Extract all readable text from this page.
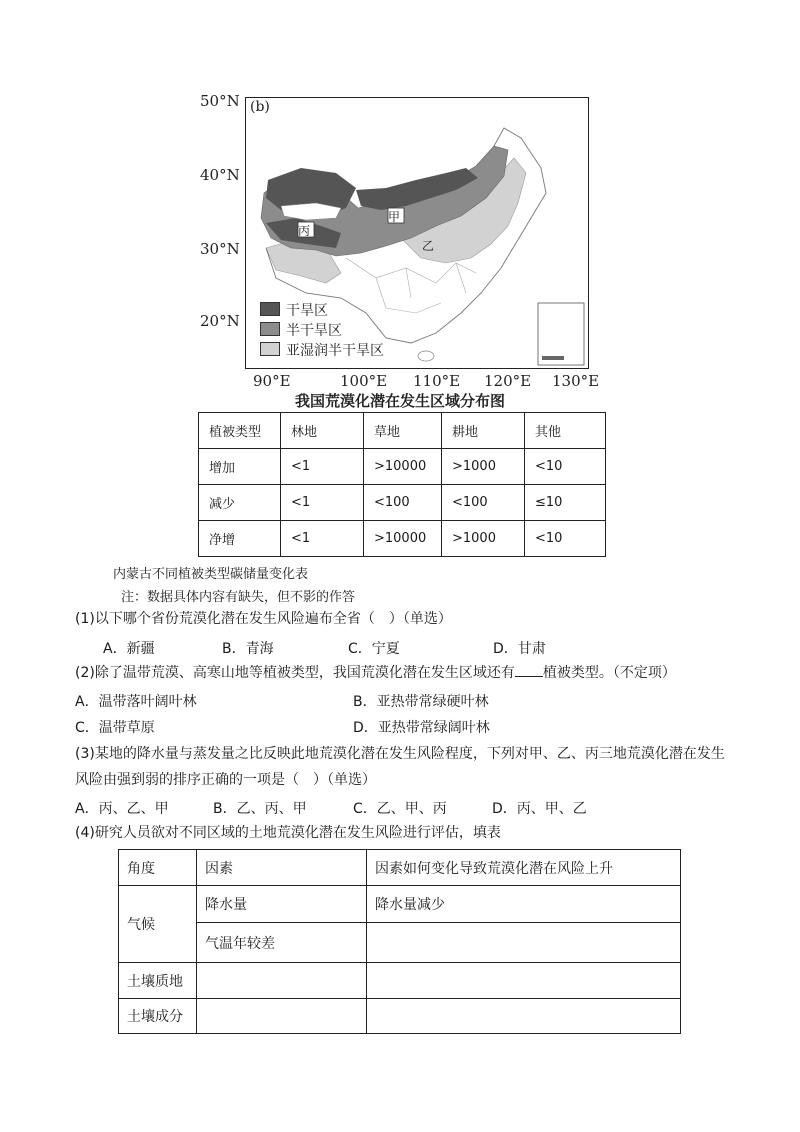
50°N
40°N
30°N
20°N
(b)
甲
乙
丙
干旱区
半干旱区
亚湿润半干旱区
90°E	100°E 110°E 120°E 130°E
我国荒漠化潜在发生区域分布图
植被类型	林地	草地	耕地	其他
增加	<1	>10000	>1000	<10
减少	<1	<100	<100	≤10
净增	<1	>10000	>1000	<10
内蒙古不同植被类型碳储量变化表
注：数据具体内容有缺失，但不影的作答
(1)以下哪个省份荒漠化潜在发生风险遍布全省（　）（单选）
A．新疆	B．青海	C．宁夏	D．甘肃
(2)除了温带荒漠、高寒山地等植被类型，我国荒漠化潜在发生区域还有 植被类型。（不定项）
A．温带落叶阔叶林	B．亚热带常绿硬叶林
C．温带草原	D．亚热带常绿阔叶林
(3)某地的降水量与蒸发量之比反映此地荒漠化潜在发生风险程度，下列对甲、乙、丙三地荒漠化潜在发生
风险由强到弱的排序正确的一项是（　）（单选）
A．丙、乙、甲	B．乙、丙、甲	C．乙、甲、丙	D．丙、甲、乙
(4)研究人员欲对不同区域的土地荒漠化潜在发生风险进行评估，填表
角度	因素	因素如何变化导致荒漠化潜在风险上升
气候	降水量	降水量减少
	气温年较差	
土壤质地		
土壤成分		
